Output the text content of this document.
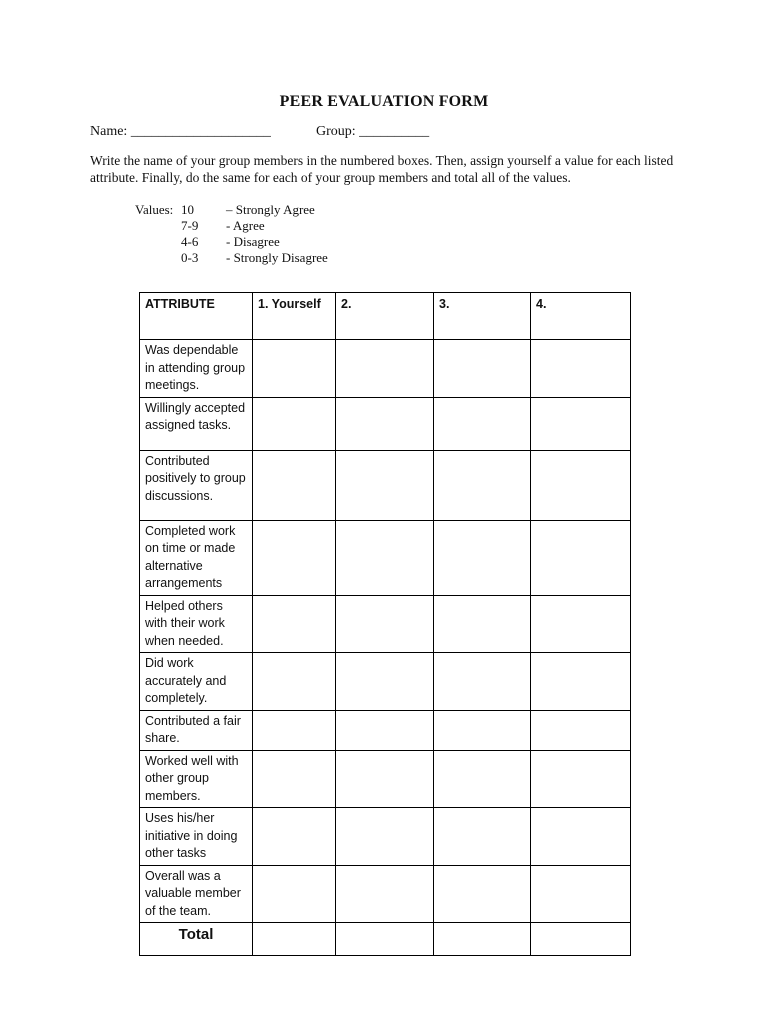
PEER EVALUATION FORM
Name: ____________________	Group: __________
Write the name of your group members in the numbered boxes. Then, assign yourself a value for each listed attribute. Finally, do the same for each of your group members and total all of the values.
Values: 10	– Strongly Agree
7-9	- Agree
4-6	- Disagree
0-3	- Strongly Disagree
ATTRIBUTE	1. Yourself	2.	3.	4.
Was dependable in attending group meetings.				
Willingly accepted assigned tasks.				
Contributed positively to group discussions.				
Completed work on time or made alternative arrangements				
Helped others with their work when needed.				
Did work accurately and completely.				
Contributed a fair share.				
Worked well with other group members.				
Uses his/her initiative in doing other tasks				
Overall was a valuable member of the team.				
Total				
